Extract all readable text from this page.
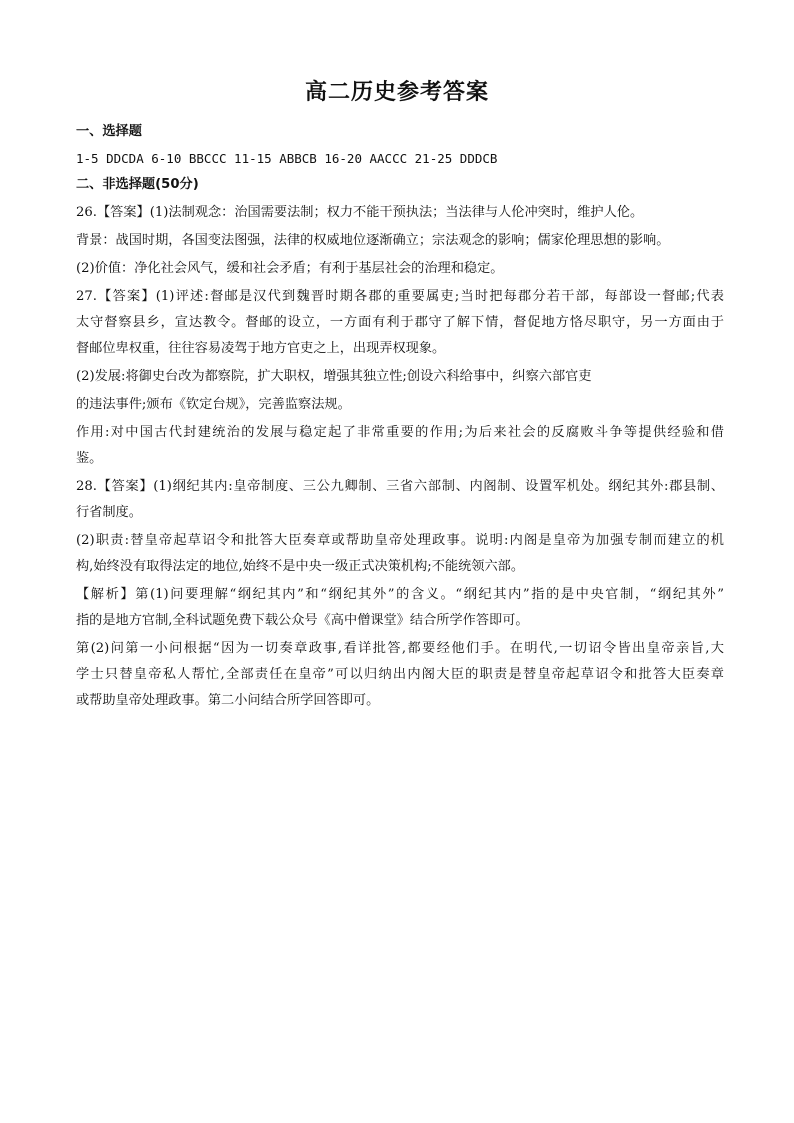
高二历史参考答案
一、选择题
1-5 DDCDA 6-10 BBCCC 11-15 ABBCB 16-20 AACCC 21-25 DDDCB
二、非选择题(50分)
26.【答案】(1)法制观念：治国需要法制；权力不能干预执法；当法律与人伦冲突时，维护人伦。
背景：战国时期，各国变法图强，法律的权威地位逐渐确立；宗法观念的影响；儒家伦理思想的影响。
(2)价值：净化社会风气，缓和社会矛盾；有利于基层社会的治理和稳定。
27.【答案】(1)评述:督邮是汉代到魏晋时期各郡的重要属吏;当时把每郡分若干部，每部设一督邮;代表
太守督察县乡，宣达教令。督邮的设立，一方面有利于郡守了解下情，督促地方恪尽职守，另一方面由于
督邮位卑权重，往往容易凌驾于地方官吏之上，出现弄权现象。
(2)发展:将御史台改为都察院，扩大职权，增强其独立性;创设六科给事中，纠察六部官吏
的违法事件;颁布《钦定台规》，完善监察法规。
作用:对中国古代封建统治的发展与稳定起了非常重要的作用;为后来社会的反腐败斗争等提供经验和借
鉴。
28.【答案】(1)纲纪其内:皇帝制度、三公九卿制、三省六部制、内阁制、设置军机处。纲纪其外:郡县制、
行省制度。
(2)职责:替皇帝起草诏令和批答大臣奏章或帮助皇帝处理政事。说明:内阁是皇帝为加强专制而建立的机
构,始终没有取得法定的地位,始终不是中央一级正式决策机构;不能统领六部。
【解析】第(1)问要理解“纲纪其内”和“纲纪其外”的含义。“纲纪其内”指的是中央官制，“纲纪其外”
指的是地方官制,全科试题免费下载公众号《高中僧课堂》结合所学作答即可。
第(2)问第一小问根据“因为一切奏章政事,看详批答,都要经他们手。在明代,一切诏令皆出皇帝亲旨,大
学士只替皇帝私人帮忙,全部责任在皇帝”可以归纳出内阁大臣的职责是替皇帝起草诏令和批答大臣奏章
或帮助皇帝处理政事。第二小问结合所学回答即可。
